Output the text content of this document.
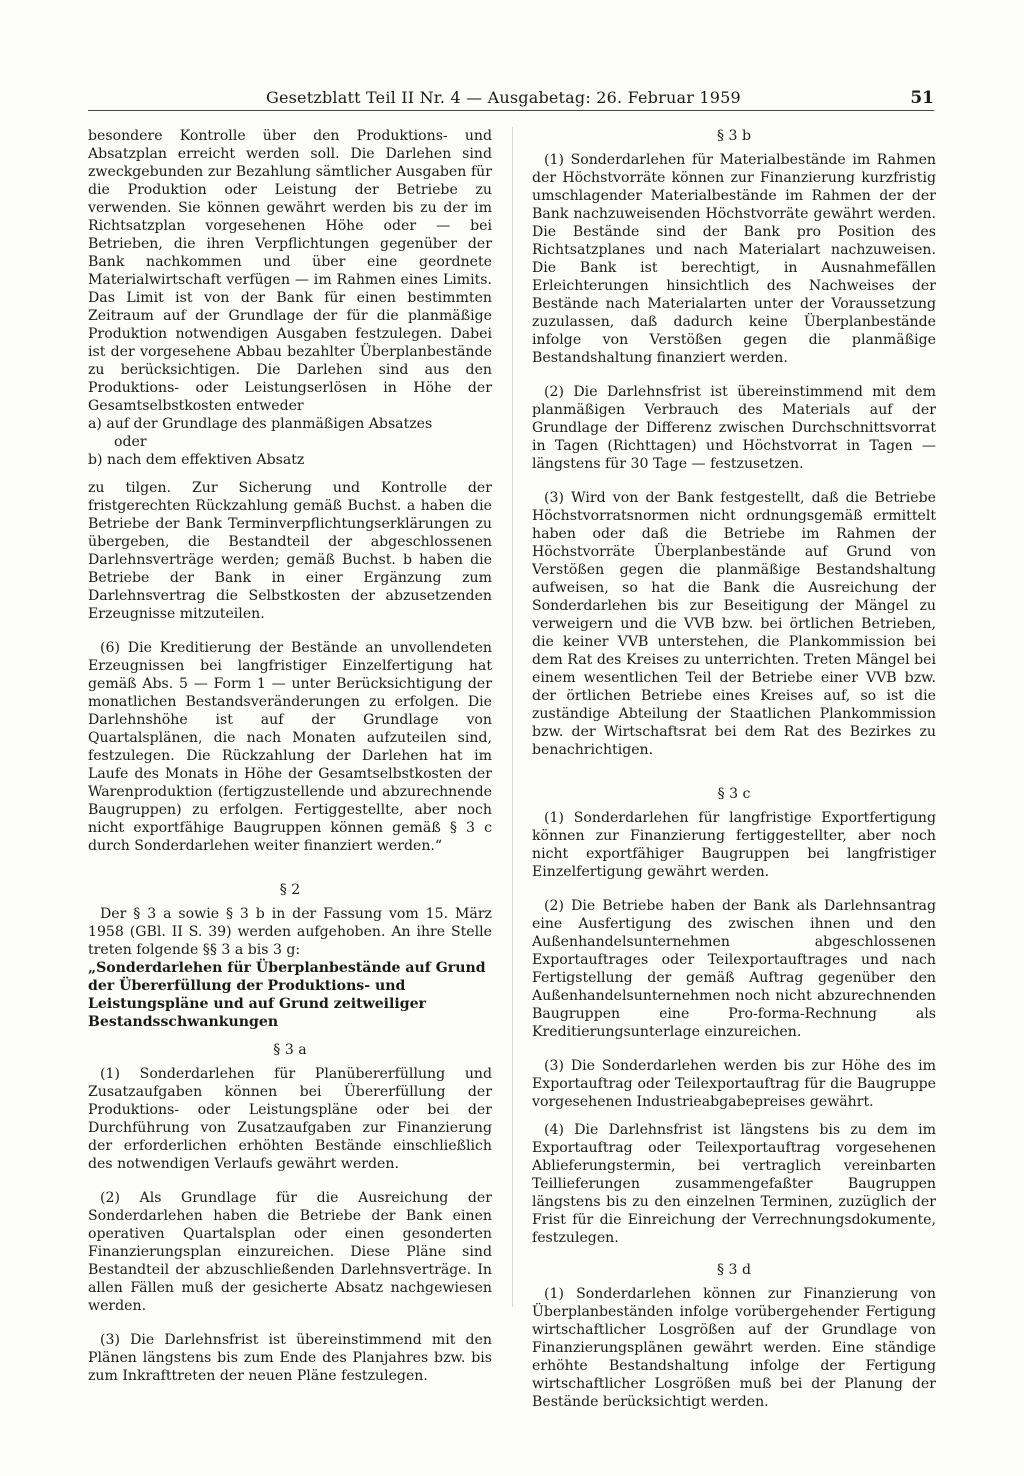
Gesetzblatt Teil II Nr. 4 — Ausgabetag: 26. Februar 1959	51

besondere Kontrolle über den Produktions- und Absatzplan erreicht werden soll. Die Darlehen sind zweckgebunden zur Bezahlung sämtlicher Ausgaben für die Produktion oder Leistung der Betriebe zu verwenden. Sie können gewährt werden bis zu der im Richtsatzplan vorgesehenen Höhe oder — bei Betrieben, die ihren Verpflichtungen gegenüber der Bank nachkommen und über eine geordnete Materialwirtschaft verfügen — im Rahmen eines Limits. Das Limit ist von der Bank für einen bestimmten Zeitraum auf der Grundlage der für die planmäßige Produktion notwendigen Ausgaben festzulegen. Dabei ist der vorgesehene Abbau bezahlter Überplanbestände zu berücksichtigen. Die Darlehen sind aus den Produktions- oder Leistungserlösen in Höhe der Gesamtselbstkosten entweder

a) auf der Grundlage des planmäßigen Absatzes
oder

b) nach dem effektiven Absatz

zu tilgen. Zur Sicherung und Kontrolle der fristgerechten Rückzahlung gemäß Buchst. a haben die Betriebe der Bank Terminverpflichtungserklärungen zu übergeben, die Bestandteil der abgeschlossenen Darlehnsverträge werden; gemäß Buchst. b haben die Betriebe der Bank in einer Ergänzung zum Darlehnsvertrag die Selbstkosten der abzusetzenden Erzeugnisse mitzuteilen.

(6) Die Kreditierung der Bestände an unvollendeten Erzeugnissen bei langfristiger Einzelfertigung hat gemäß Abs. 5 — Form 1 — unter Berücksichtigung der monatlichen Bestandsveränderungen zu erfolgen. Die Darlehnshöhe ist auf der Grundlage von Quartalsplänen, die nach Monaten aufzuteilen sind, festzulegen. Die Rückzahlung der Darlehen hat im Laufe des Monats in Höhe der Gesamtselbstkosten der Warenproduktion (fertigzustellende und abzurechnende Baugruppen) zu erfolgen. Fertiggestellte, aber noch nicht exportfähige Baugruppen können gemäß § 3 c durch Sonderdarlehen weiter finanziert werden.“

§ 2

Der § 3 a sowie § 3 b in der Fassung vom 15. März 1958 (GBl. II S. 39) werden aufgehoben. An ihre Stelle treten folgende §§ 3 a bis 3 g:

„Sonderdarlehen für Überplanbestände auf Grund der Übererfüllung der Produktions- und Leistungspläne und auf Grund zeitweiliger Bestandsschwankungen

§ 3 a

(1) Sonderdarlehen für Planübererfüllung und Zusatzaufgaben können bei Übererfüllung der Produktions- oder Leistungspläne oder bei der Durchführung von Zusatzaufgaben zur Finanzierung der erforderlichen erhöhten Bestände einschließlich des notwendigen Verlaufs gewährt werden.

(2) Als Grundlage für die Ausreichung der Sonderdarlehen haben die Betriebe der Bank einen operativen Quartalsplan oder einen gesonderten Finanzierungsplan einzureichen. Diese Pläne sind Bestandteil der abzuschließenden Darlehnsverträge. In allen Fällen muß der gesicherte Absatz nachgewiesen werden.

(3) Die Darlehnsfrist ist übereinstimmend mit den Plänen längstens bis zum Ende des Planjahres bzw. bis zum Inkrafttreten der neuen Pläne festzulegen.

§ 3 b

(1) Sonderdarlehen für Materialbestände im Rahmen der Höchstvorräte können zur Finanzierung kurzfristig umschlagender Materialbestände im Rahmen der der Bank nachzuweisenden Höchstvorräte gewährt werden. Die Bestände sind der Bank pro Position des Richtsatzplanes und nach Materialart nachzuweisen. Die Bank ist berechtigt, in Ausnahmefällen Erleichterungen hinsichtlich des Nachweises der Bestände nach Materialarten unter der Voraussetzung zuzulassen, daß dadurch keine Überplanbestände infolge von Verstößen gegen die planmäßige Bestandshaltung finanziert werden.

(2) Die Darlehnsfrist ist übereinstimmend mit dem planmäßigen Verbrauch des Materials auf der Grundlage der Differenz zwischen Durchschnittsvorrat in Tagen (Richttagen) und Höchstvorrat in Tagen — längstens für 30 Tage — festzusetzen.

(3) Wird von der Bank festgestellt, daß die Betriebe Höchstvorratsnormen nicht ordnungsgemäß ermittelt haben oder daß die Betriebe im Rahmen der Höchstvorräte Überplanbestände auf Grund von Verstößen gegen die planmäßige Bestandshaltung aufweisen, so hat die Bank die Ausreichung der Sonderdarlehen bis zur Beseitigung der Mängel zu verweigern und die VVB bzw. bei örtlichen Betrieben, die keiner VVB unterstehen, die Plankommission bei dem Rat des Kreises zu unterrichten. Treten Mängel bei einem wesentlichen Teil der Betriebe einer VVB bzw. der örtlichen Betriebe eines Kreises auf, so ist die zuständige Abteilung der Staatlichen Plankommission bzw. der Wirtschaftsrat bei dem Rat des Bezirkes zu benachrichtigen.

§ 3 c

(1) Sonderdarlehen für langfristige Exportfertigung können zur Finanzierung fertiggestellter, aber noch nicht exportfähiger Baugruppen bei langfristiger Einzelfertigung gewährt werden.

(2) Die Betriebe haben der Bank als Darlehnsantrag eine Ausfertigung des zwischen ihnen und den Außenhandelsunternehmen abgeschlossenen Exportauftrages oder Teilexportauftrages und nach Fertigstellung der gemäß Auftrag gegenüber den Außenhandelsunternehmen noch nicht abzurechnenden Baugruppen eine Pro-forma-Rechnung als Kreditierungsunterlage einzureichen.

(3) Die Sonderdarlehen werden bis zur Höhe des im Exportauftrag oder Teilexportauftrag für die Baugruppe vorgesehenen Industrieabgabepreises gewährt.

(4) Die Darlehnsfrist ist längstens bis zu dem im Exportauftrag oder Teilexportauftrag vorgesehenen Ablieferungstermin, bei vertraglich vereinbarten Teillieferungen zusammengefaßter Baugruppen längstens bis zu den einzelnen Terminen, zuzüglich der Frist für die Einreichung der Verrechnungsdokumente, festzulegen.

§ 3 d

(1) Sonderdarlehen können zur Finanzierung von Überplanbeständen infolge vorübergehender Fertigung wirtschaftlicher Losgrößen auf der Grundlage von Finanzierungsplänen gewährt werden. Eine ständige erhöhte Bestandshaltung infolge der Fertigung wirtschaftlicher Losgrößen muß bei der Planung der Bestände berücksichtigt werden.
